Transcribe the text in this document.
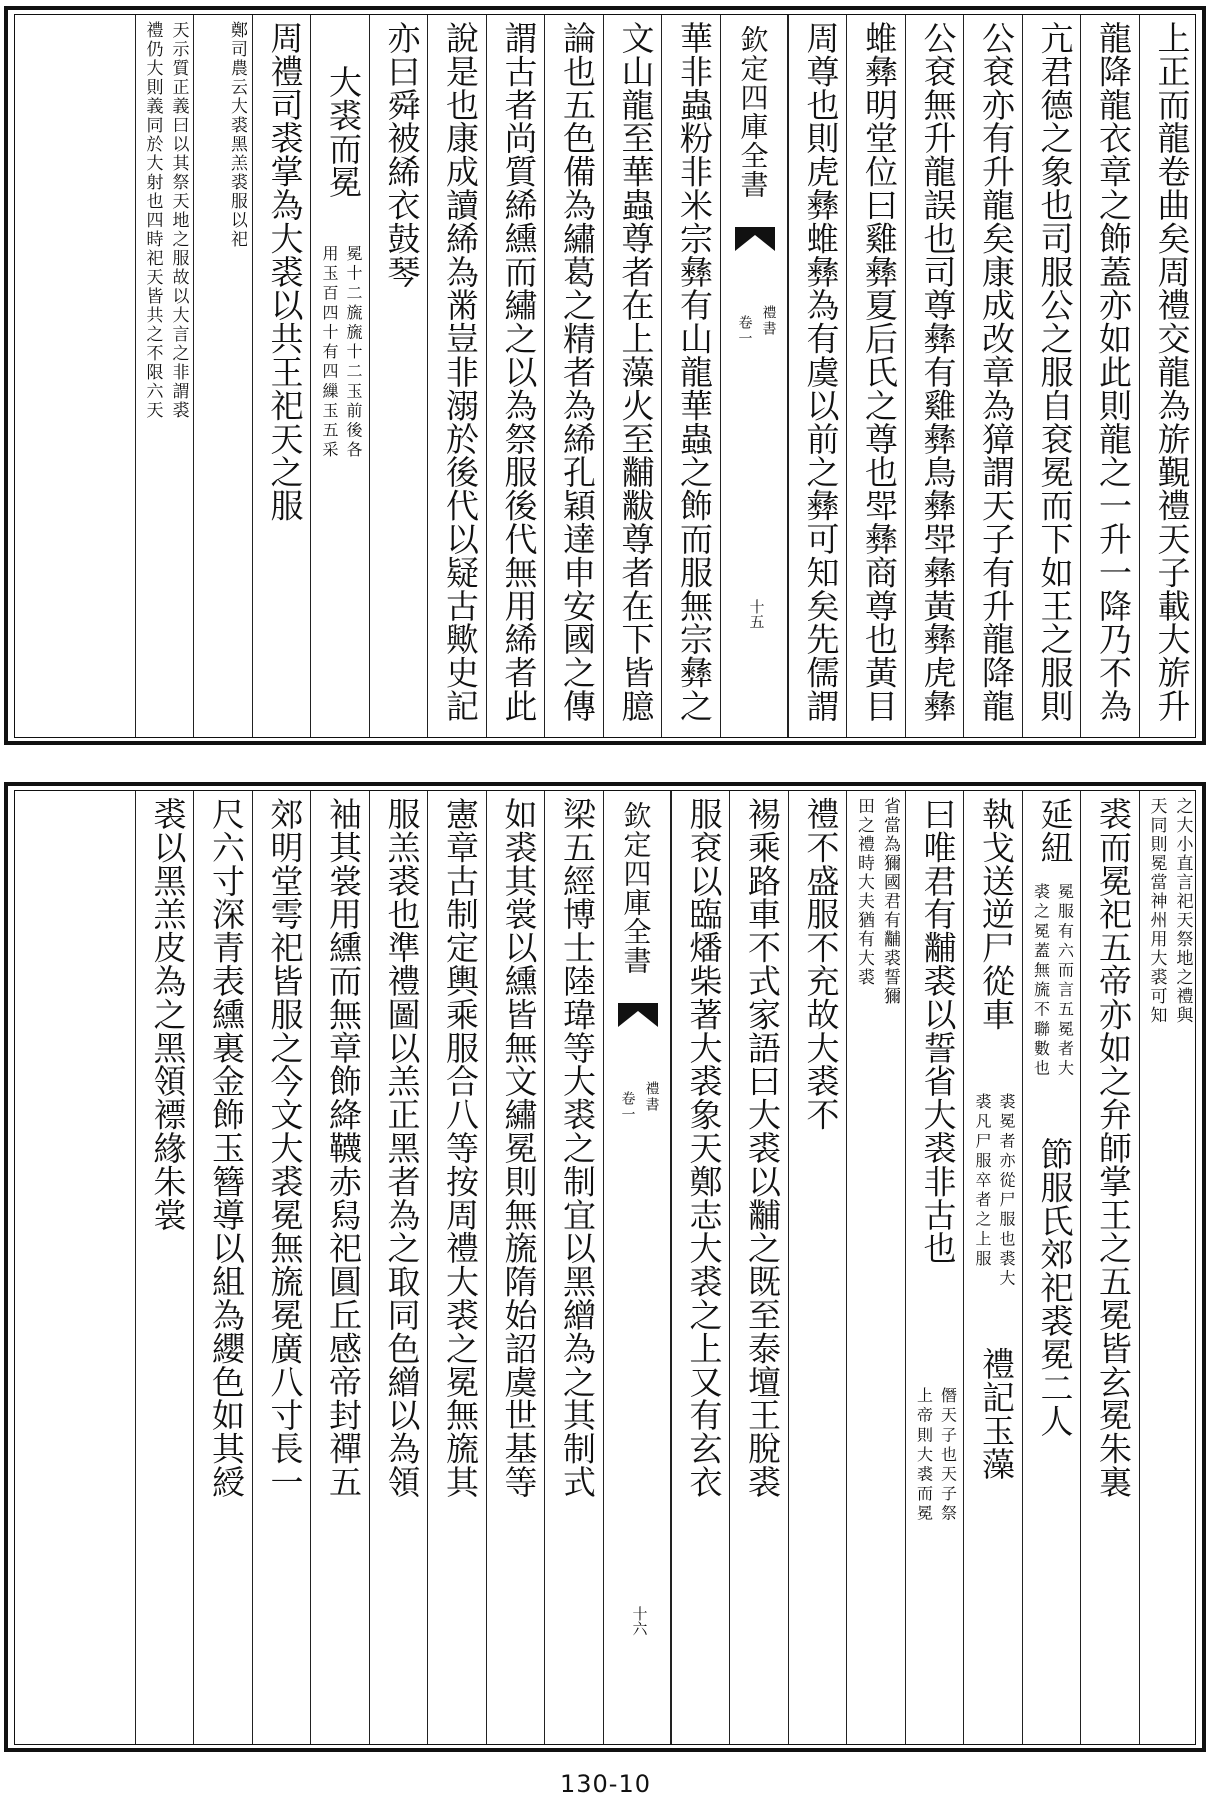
上正而龍卷曲矣周禮交龍為旂覲禮天子載大旂升
龍降龍衣章之飾蓋亦如此則龍之一升一降乃不為
亢君德之象也司服公之服自袞冕而下如王之服則
公袞亦有升龍矣康成改章為獐謂天子有升龍降龍
公袞無升龍誤也司尊彝有雞彝鳥彝斝彝黃彝虎彝
蜼彝明堂位曰雞彝夏后氏之尊也斝彝商尊也黃目
周尊也則虎彝蜼彝為有虞以前之彝可知矣先儒謂
欽定四庫全書
禮書
卷一
十五
華非蟲粉非米宗彝有山龍華蟲之飾而服無宗彝之
文山龍至華蟲尊者在上藻火至黼黻尊者在下皆臆
論也五色備為繡葛之精者為絺孔穎達申安國之傳
謂古者尚質絺纁而繡之以為祭服後代無用絺者此
說是也康成讀絺為黹豈非溺於後代以疑古歟史記
亦曰舜被絺衣鼓琴
大裘而冕
冕十二旒旒十二玉前後各
用玉百四十有四繅玉五采
周禮司裘掌為大裘以共王祀天之服
鄭司農云大裘黑羔裘服以祀
天示質正義曰以其祭天地之服故以大言之非謂裘
禮仍大則義同於大射也四時祀天皆共之不限六天
之大小直言祀天祭地之禮與
天同則冕當神州用大裘可知
裘而冕祀五帝亦如之弁師掌王之五冕皆玄冕朱裏
延紐
冕服有六而言五冕者大
裘之冕蓋無旒不聯數也
節服氏郊祀裘冕二人
執戈送逆尸從車
裘冕者亦從尸服也裘大
裘凡尸服卒者之上服
禮記玉藻
曰唯君有黼裘以誓省大裘非古也
僭天子也天子祭
上帝則大裘而冕
省當為獮國君有黼裘誓獮
田之禮時大夫猶有大裘
禮不盛服不充故大裘不
裼乘路車不式家語曰大裘以黼之既至泰壇王脫裘
服袞以臨燔柴著大裘象天鄭志大裘之上又有玄衣
欽定四庫全書
禮書
卷一
十六
梁五經博士陸瑋等大裘之制宜以黑繒為之其制式
如裘其裳以纁皆無文繡冕則無旒隋始詔虞世基等
憲章古制定輿乘服合八等按周禮大裘之冕無旒其
服羔裘也準禮圖以羔正黑者為之取同色繒以為領
袖其裳用纁而無章飾絳韈赤舄祀圓丘感帝封禪五
郊明堂雩祀皆服之今文大裘冕無旒冕廣八寸長一
尺六寸深青表纁裏金飾玉簪導以組為纓色如其綬
裘以黑羔皮為之黑領褾緣朱裳
130-10
